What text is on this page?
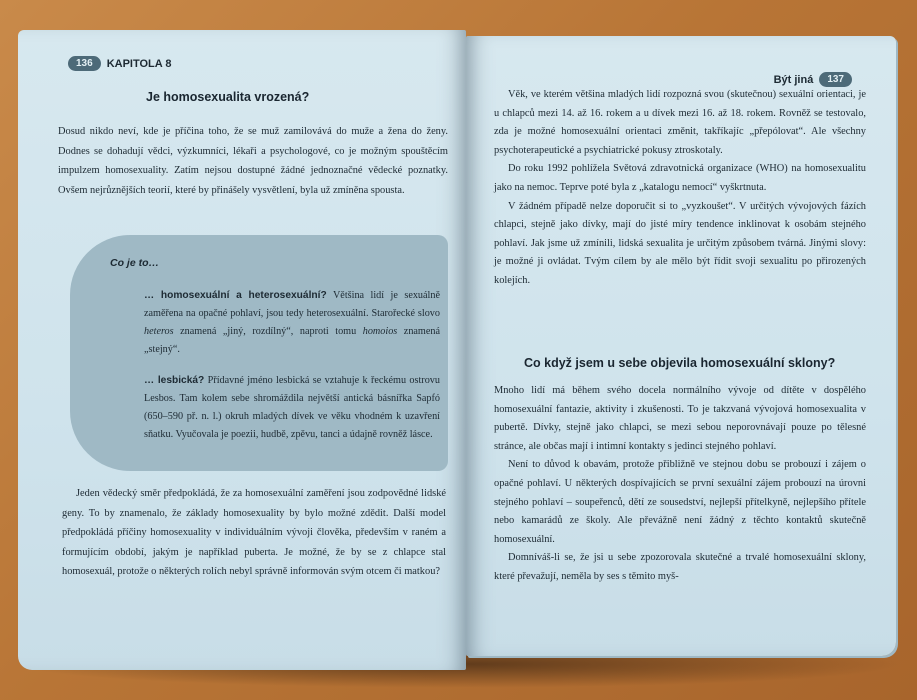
136	KAPITOLA 8
Je homosexualita vrozená?
Dosud nikdo neví, kde je příčina toho, že se muž zamilovává do muže a žena do ženy. Dodnes se dohadují vědci, výzkumníci, lékaři a psychologové, co je možným spouštěcím impulzem homosexuality. Zatím nejsou dostupné žádné jednoznačné vědecké poznatky. Ovšem nejrůznějších teorií, které by přinášely vysvětlení, byla už zmíněna spousta.
Co je to…
… homosexuální a heterosexuální? Většina lidí je sexuálně zaměřena na opačné pohlaví, jsou tedy heterosexuální. Starořecké slovo heteros znamená „jiný, rozdílný“, naproti tomu homoios znamená „stejný“.
… lesbická? Přídavné jméno lesbická se vztahuje k řeckému ostrovu Lesbos. Tam kolem sebe shromáždila největší antická básnířka Sapfó (650–590 př. n. l.) okruh mladých dívek ve věku vhodném k uzavření sňatku. Vyučovala je poezii, hudbě, zpěvu, tanci a údajně rovněž lásce.
Jeden vědecký směr předpokládá, že za homosexuální zaměření jsou zodpovědné lidské geny. To by znamenalo, že základy homosexuality by bylo možné zdědit. Další model předpokládá příčiny homosexuality v individuálním vývoji člověka, především v raném a formujícím období, jakým je například puberta. Je možné, že by se z chlapce stal homosexuál, protože o některých rolích nebyl správně informován svým otcem či matkou?
Být jiná	137

Věk, ve kterém většina mladých lidí rozpozná svou (skutečnou) sexuální orientaci, je u chlapců mezi 14. až 16. rokem a u dívek mezi 16. až 18. rokem. Rovněž se testovalo, zda je možné homosexuální orientaci změnit, takříkajíc „přepólovat“. Ale všechny psychoterapeutické a psychiatrické pokusy ztroskotaly.

Do roku 1992 pohlížela Světová zdravotnická organizace (WHO) na homosexualitu jako na nemoc. Teprve poté byla z „katalogu nemocí“ vyškrtnuta.

V žádném případě nelze doporučit si to „vyzkoušet“. V určitých vývojových fázích chlapci, stejně jako dívky, mají do jisté míry tendence inklinovat k osobám stejného pohlaví. Jak jsme už zmínili, lidská sexualita je určitým způsobem tvárná. Jinými slovy: je možné ji ovládat. Tvým cílem by ale mělo být řídit svoji sexualitu po přirozených kolejích.

Co když jsem u sebe objevila homosexuální sklony?

Mnoho lidí má během svého docela normálního vývoje od dítěte v dospělého homosexuální fantazie, aktivity i zkušenosti. To je takzvaná vývojová homosexualita v pubertě. Dívky, stejně jako chlapci, se mezi sebou neporovnávají pouze po tělesné stránce, ale občas mají i intimní kontakty s jedinci stejného pohlaví.

Není to důvod k obavám, protože přibližně ve stejnou dobu se probouzí i zájem o opačné pohlaví. U některých dospívajících se první sexuální zájem probouzí na úrovni stejného pohlaví – soupeřenců, dětí ze sousedství, nejlepší přítelkyně, nejlepšího přítele nebo kamarádů ze školy. Ale převážně není žádný z těchto kontaktů skutečně homosexuální.

Domníváš-li se, že jsi u sebe zpozorovala skutečné a trvalé homosexuální sklony, které převažují, neměla by ses s těmito myš-
